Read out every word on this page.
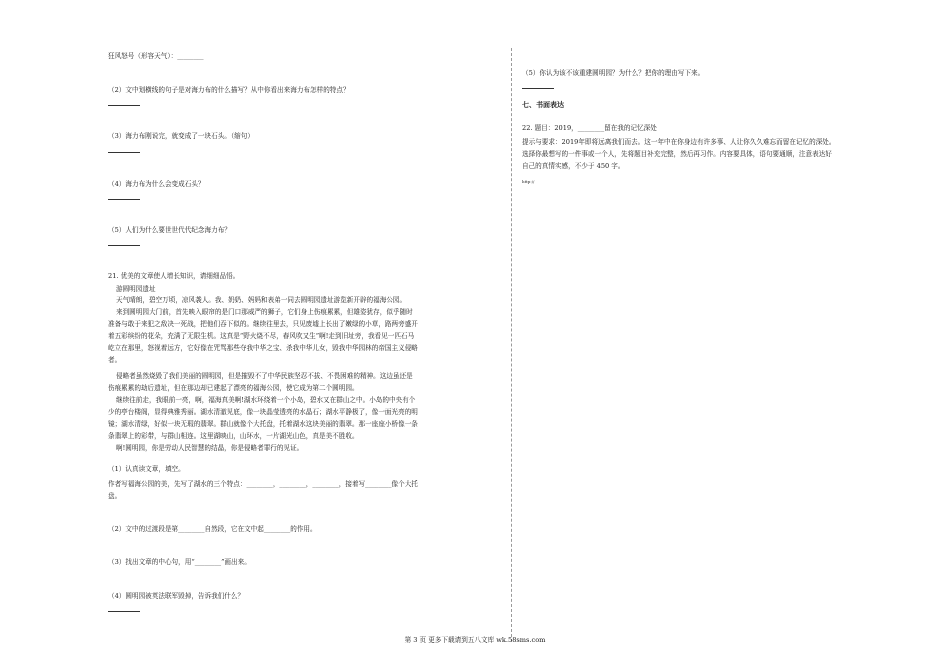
狂风怒号（形容天气）：________
（2）文中划横线的句子是对海力布的什么描写？从中你看出来海力布怎样的特点？
（3）海力布刚说完，就变成了一块石头。（缩句）
（4）海力布为什么会变成石头？
（5）人们为什么要世世代代纪念海力布？
21. 优美的文章使人增长知识，请细细品悟。
游圆明园遗址
天气晴朗，碧空万顷，凉风袭人。我、奶奶、妈妈和表弟一同去圆明园遗址游览新开辟的福海公园。
来到圆明园大门前，首先映入眼帘的是门口那威严的狮子，它们身上伤痕累累，但雄姿犹存，似乎随时
准备与敢于来犯之敌决一死战，把他们吞下似的。继续往里去，只见废墟上长出了嫩绿的小草，路两旁盛开
着五彩缤纷的花朵，充满了无限生机。这真是“野火烧不尽，春风吹又生”啊!走到旧址旁，我看见一匹石马
屹立在那里，怒视着远方，它好像在咒骂那些夺我中华之宝、杀我中华儿女，毁我中华园林的帝国主义侵略
者。
侵略者虽然烧毁了我们美丽的圆明园，但是摧毁不了中华民族坚忍不拔、不畏困难的精神。这边虽还是
伤痕累累的劫后遗址，但在那边却已建起了漂亮的福海公园，使它成为第二个圆明园。
继续往前走，我眼前一亮，啊，福海真美啊!湖水环绕着一个小岛，碧水又在群山之中。小岛的中央有个
少的亭台楼阁，显得典雅秀丽。湖水清澈见底，像一块晶莹透亮的水晶石；湖水平静极了，像一面光亮的明
镜；湖水清绿，好似一块无瑕的翡翠。群山就像个大托盘，托着湖水这块美丽的翡翠。那一座座小桥像一条
条翡翠上的彩带，与群山相连。这里湖映山，山环水，一片湖光山色，真是美不胜收。
啊!圆明园，你是劳动人民智慧的结晶，你是侵略者罪行的见证。
（1）认真读文章，填空。
作者写福海公园的美，先写了湖水的三个特点：________，________，________，接着写________像个大托
盘。
（2）文中的过渡段是第________自然段，它在文中起________的作用。
（3）找出文章的中心句，用“________”画出来。
（4）圆明园被英法联军毁掉，告诉我们什么？
（5）你认为该不该重建圆明园？为什么？把你的理由写下来。
七、书面表达
22. 题目：2019，________留在我的记忆深处
提示与要求：2019年即将远离我们而去。这一年中在你身边有许多事、人让你久久难忘而留在记忆的深处。
选择你最想写的一件事或一个人，先将题目补充完整，然后再习作。内容要具体，语句要通顺，注意表达好
自己的真情实感，不少于 450 字。
http://
第 3 页 更多下载请到五八文库 wk.58sms.com
